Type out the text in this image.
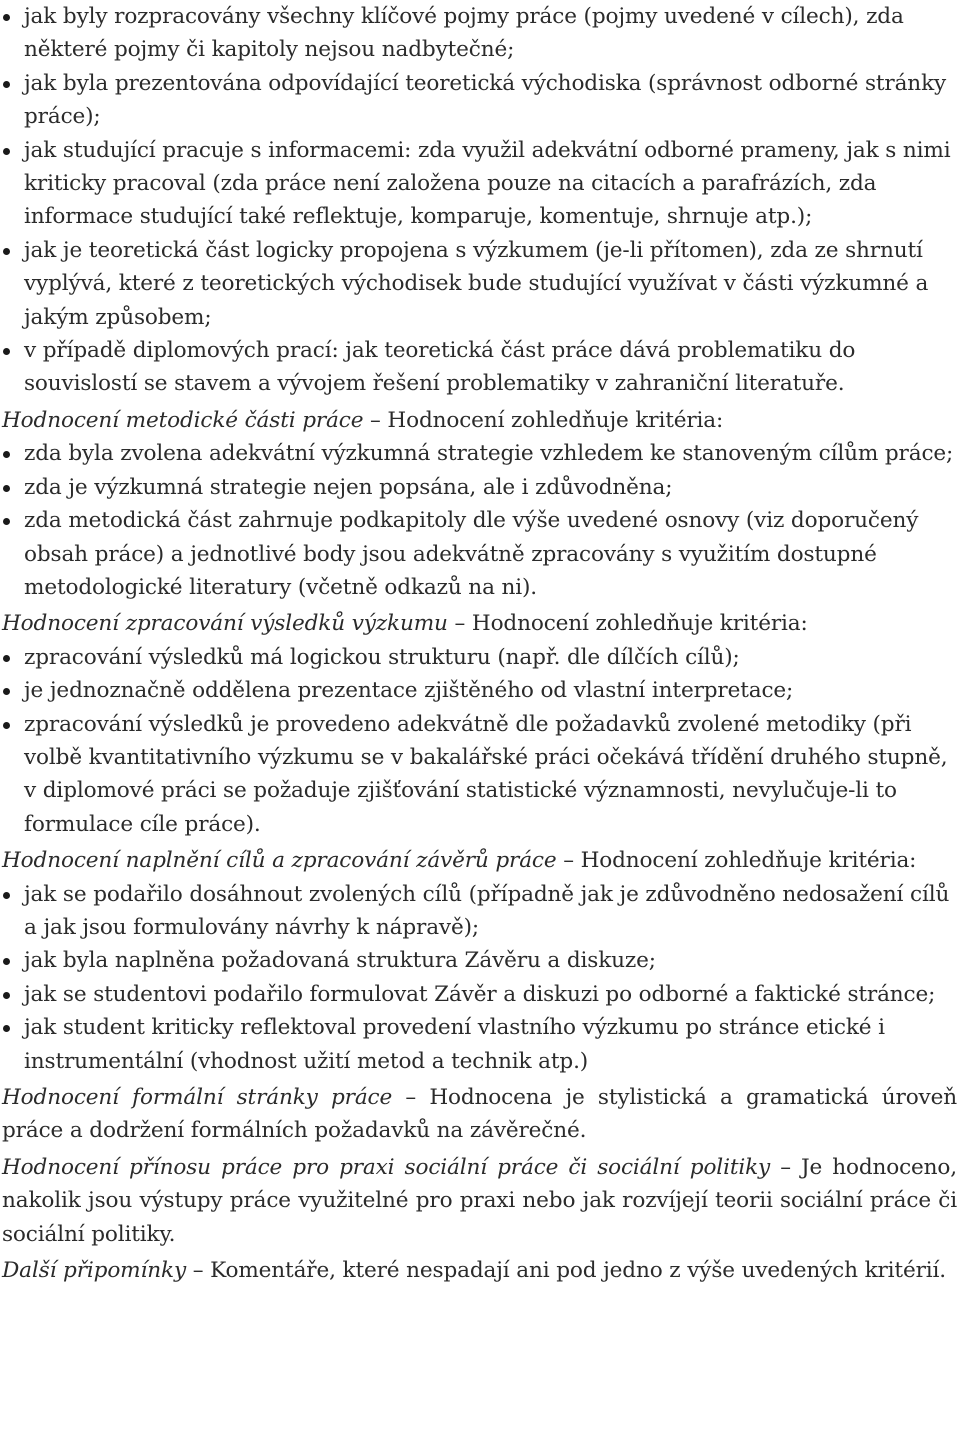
jak byly rozpracovány všechny klíčové pojmy práce (pojmy uvedené v cílech), zda některé pojmy či kapitoly nejsou nadbytečné;
jak byla prezentována odpovídající teoretická východiska (správnost odborné stránky práce);
jak studující pracuje s informacemi: zda využil adekvátní odborné prameny, jak s nimi kriticky pracoval (zda práce není založena pouze na citacích a parafrázích, zda informace studující také reflektuje, komparuje, komentuje, shrnuje atp.);
jak je teoretická část logicky propojena s výzkumem (je-li přítomen), zda ze shrnutí vyplývá, které z teoretických východisek bude studující využívat v části výzkumné a jakým způsobem;
v případě diplomových prací: jak teoretická část práce dává problematiku do souvislostí se stavem a vývojem řešení problematiky v zahraniční literatuře.

Hodnocení metodické části práce – Hodnocení zohledňuje kritéria:

zda byla zvolena adekvátní výzkumná strategie vzhledem ke stanoveným cílům práce;
zda je výzkumná strategie nejen popsána, ale i zdůvodněna;
zda metodická část zahrnuje podkapitoly dle výše uvedené osnovy (viz doporučený obsah práce) a jednotlivé body jsou adekvátně zpracovány s využitím dostupné metodologické literatury (včetně odkazů na ni).

Hodnocení zpracování výsledků výzkumu – Hodnocení zohledňuje kritéria:

zpracování výsledků má logickou strukturu (např. dle dílčích cílů);
je jednoznačně oddělena prezentace zjištěného od vlastní interpretace;
zpracování výsledků je provedeno adekvátně dle požadavků zvolené metodiky (při volbě kvantitativního výzkumu se v bakalářské práci očekává třídění druhého stupně, v diplomové práci se požaduje zjišťování statistické významnosti, nevylučuje-li to formulace cíle práce).

Hodnocení naplnění cílů a zpracování závěrů práce – Hodnocení zohledňuje kritéria:

jak se podařilo dosáhnout zvolených cílů (případně jak je zdůvodněno nedosažení cílů a jak jsou formulovány návrhy k nápravě);
jak byla naplněna požadovaná struktura Závěru a diskuze;
jak se studentovi podařilo formulovat Závěr a diskuzi po odborné a faktické stránce;
jak student kriticky reflektoval provedení vlastního výzkumu po stránce etické i instrumentální (vhodnost užití metod a technik atp.)

Hodnocení formální stránky práce – Hodnocena je stylistická a gramatická úroveň práce a dodržení formálních požadavků na závěrečné.

Hodnocení přínosu práce pro praxi sociální práce či sociální politiky – Je hodnoceno, nakolik jsou výstupy práce využitelné pro praxi nebo jak rozvíjejí teorii sociální práce či sociální politiky.

Další připomínky – Komentáře, které nespadají ani pod jedno z výše uvedených kritérií.
